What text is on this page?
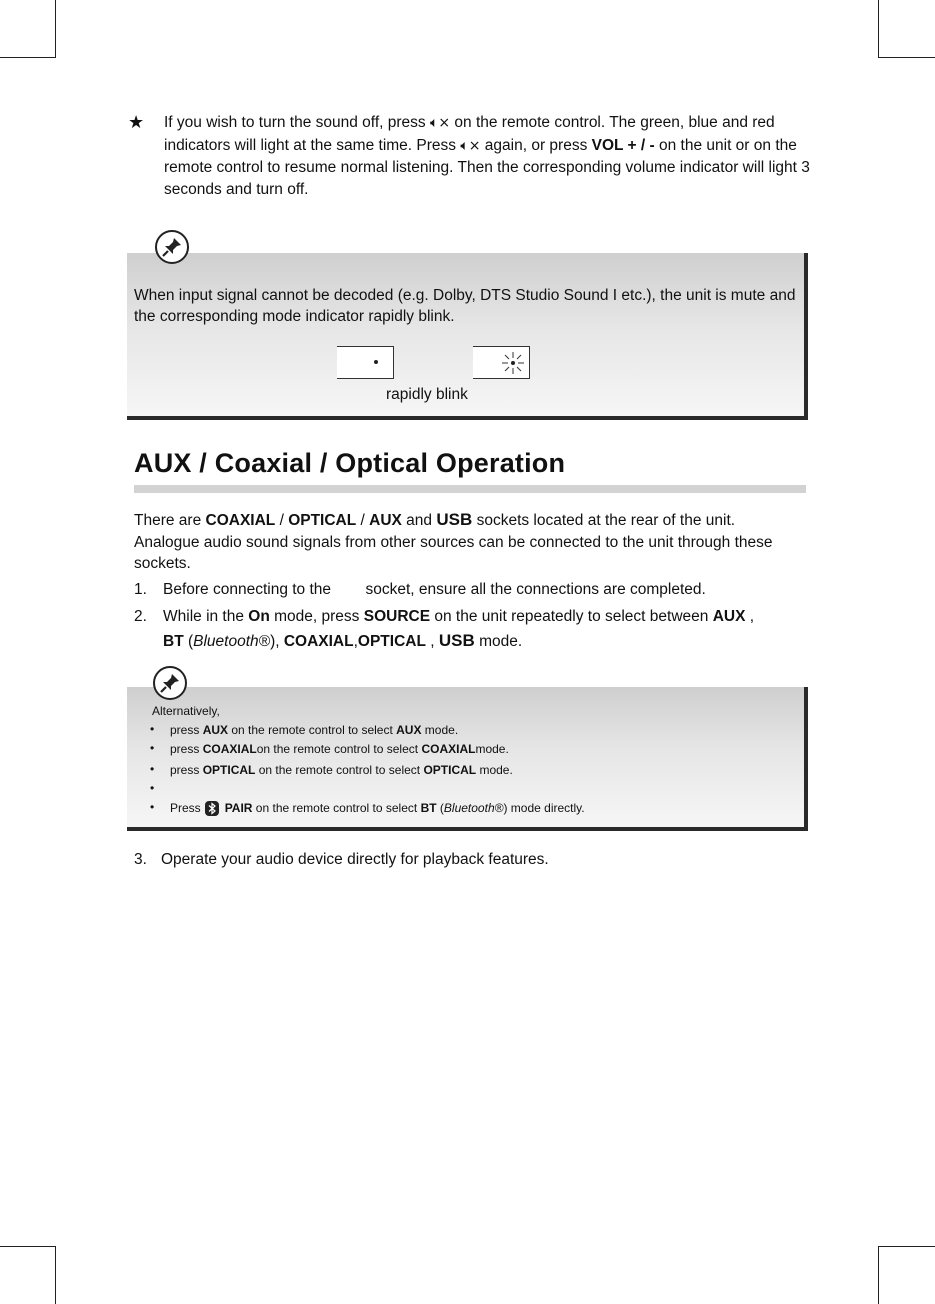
★ If you wish to turn the sound off, press 🔈︎× on the remote control. The green, blue and red indicators will light at the same time. Press 🔈︎× again, or press VOL + / - on the unit or on the remote control to resume normal listening. Then the corresponding volume indicator will light 3 seconds and turn off.
When input signal cannot be decoded (e.g. Dolby, DTS Studio Sound I etc.), the unit is mute and the corresponding mode indicator rapidly blink.
rapidly blink
AUX / Coaxial / Optical Operation
There are COAXIAL / OPTICAL / AUX and USB sockets located at the rear of the unit. Analogue audio sound signals from other sources can be connected to the unit through these sockets.
1. Before connecting to the        socket, ensure all the connections are completed.
2. While in the On mode, press SOURCE on the unit repeatedly to select between AUX ,
BT (Bluetooth®), COAXIAL,OPTICAL , USB mode.
Alternatively,
• press AUX on the remote control to select AUX mode.
• press COAXIALon the remote control to select COAXIALmode.
• press OPTICAL on the remote control to select OPTICAL mode.
•
• Press PAIR on the remote control to select BT (Bluetooth®) mode directly.
3. Operate your audio device directly for playback features.
